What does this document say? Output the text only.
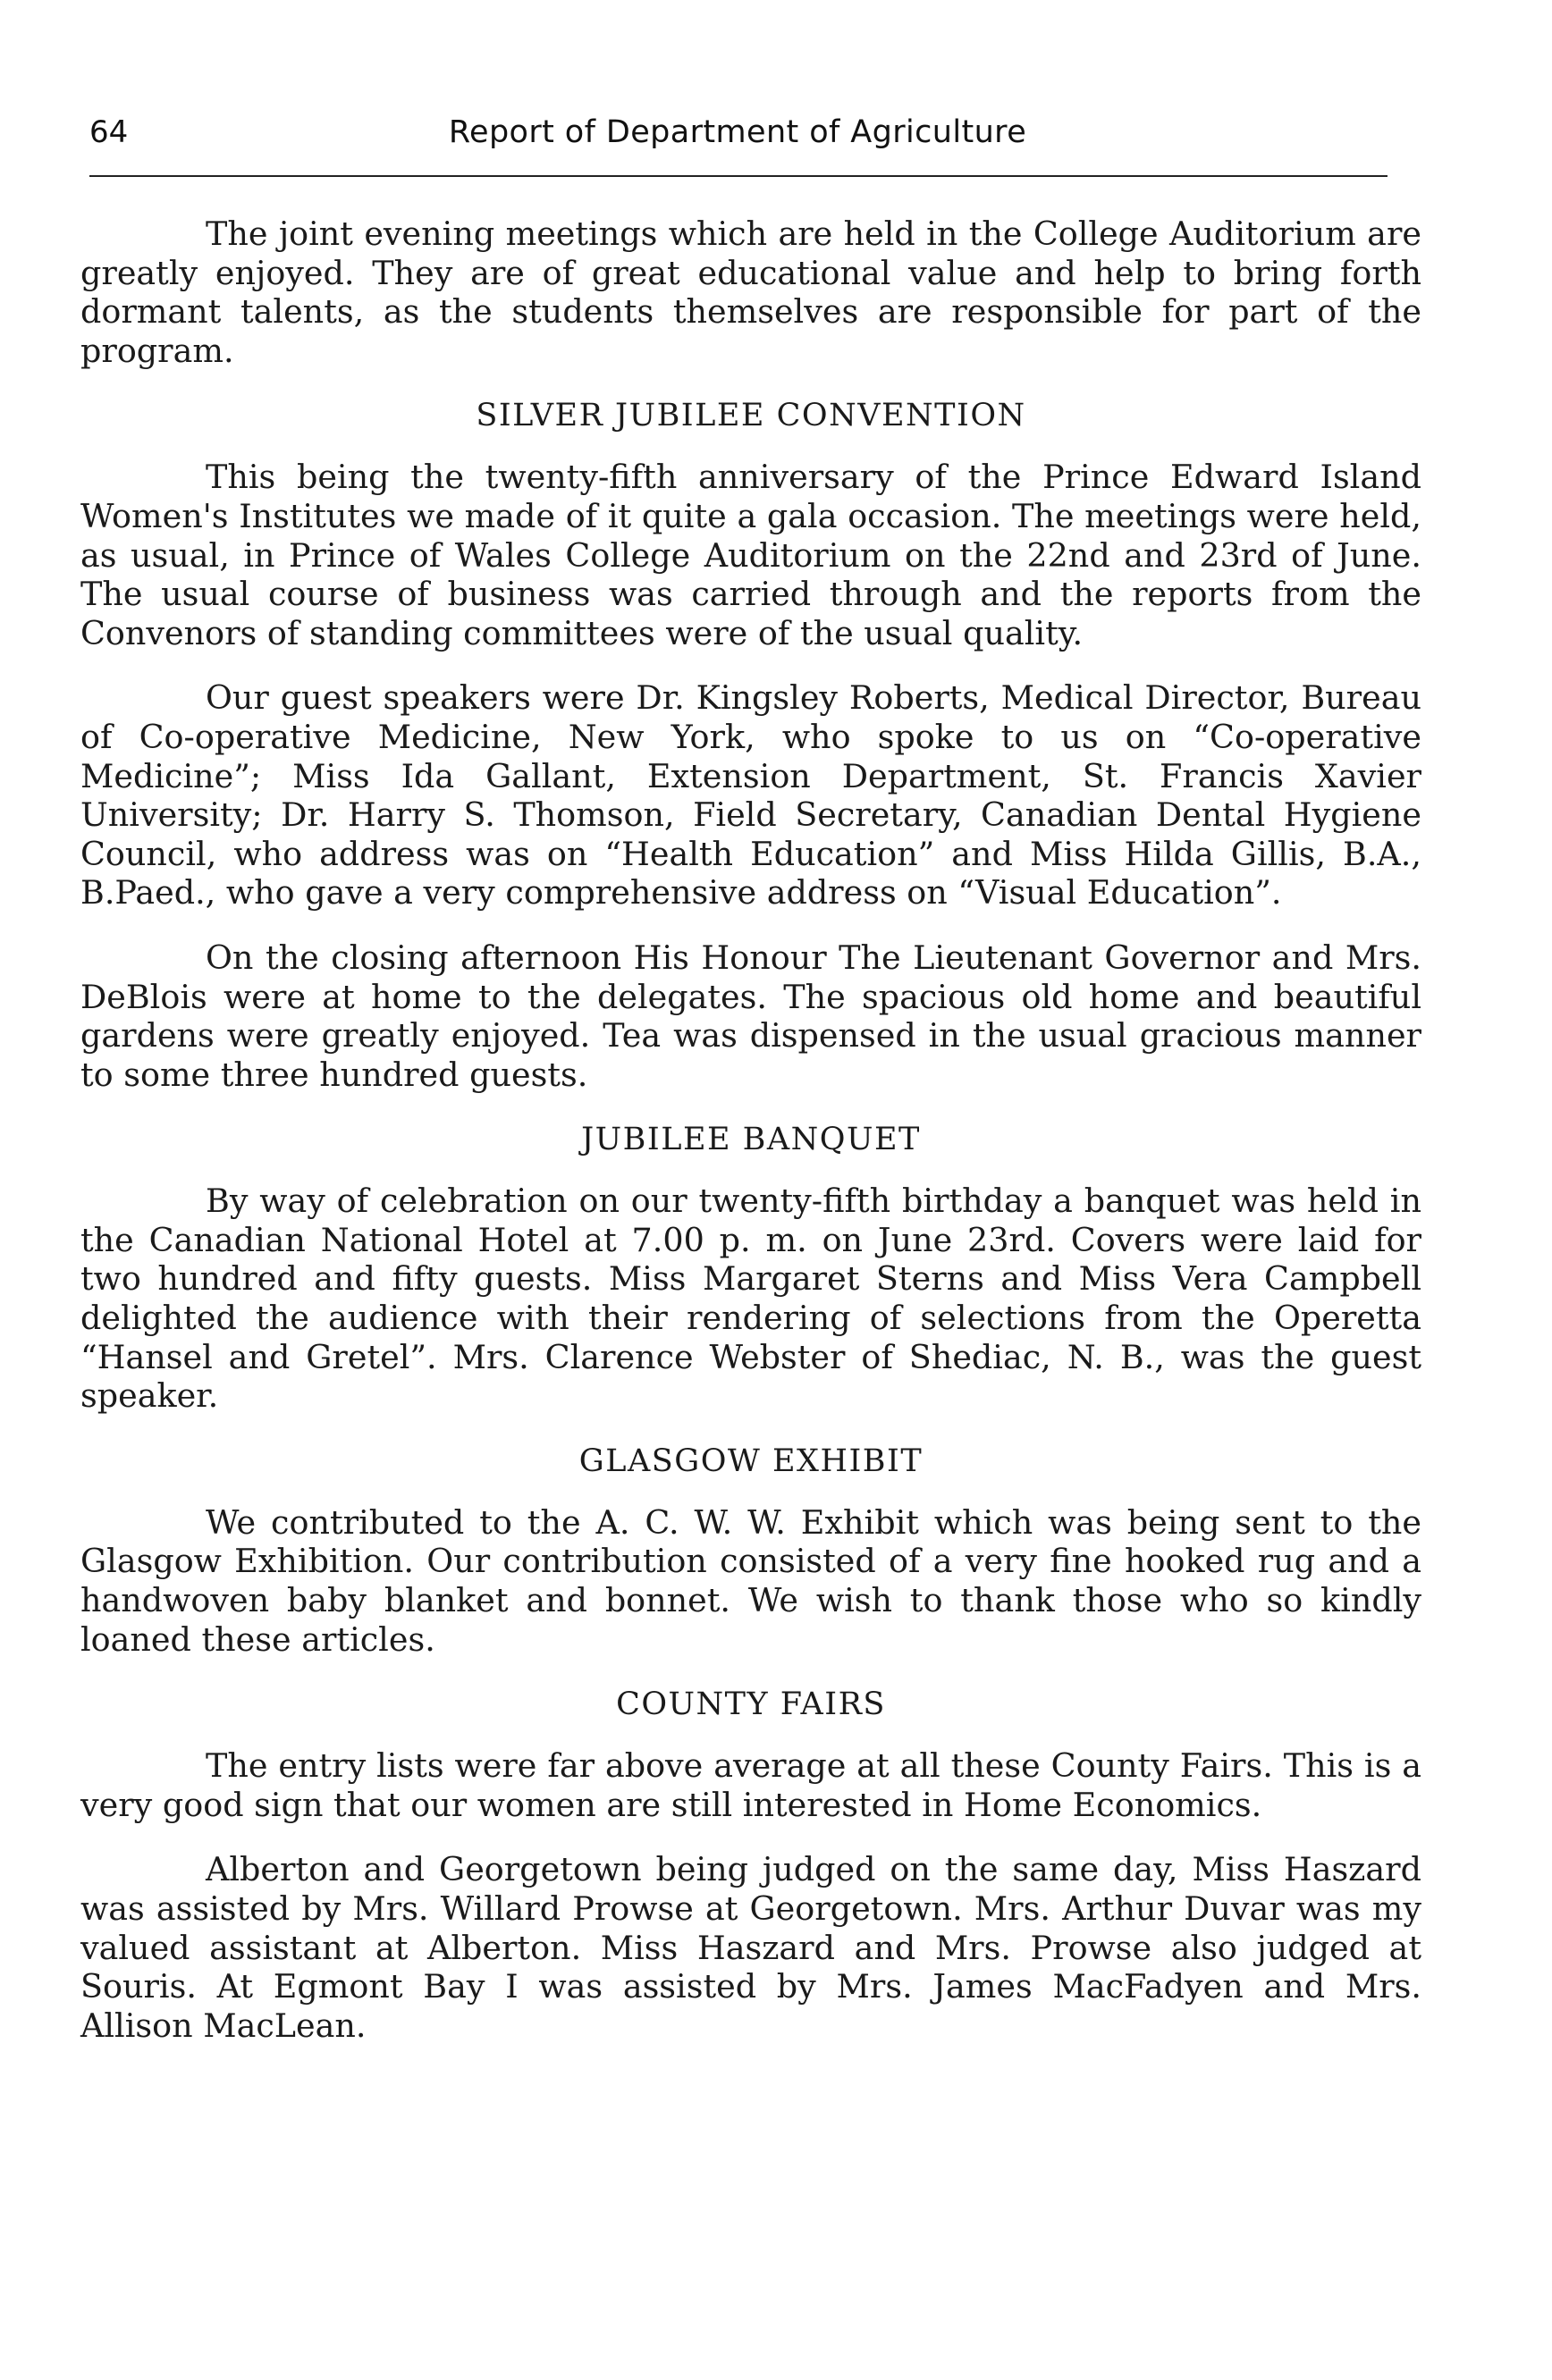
64	Report of Department of Agriculture

The joint evening meetings which are held in the College Auditorium are greatly enjoyed. They are of great educational value and help to bring forth dormant talents, as the students themselves are responsible for part of the program.

SILVER JUBILEE CONVENTION

This being the twenty-fifth anniversary of the Prince Edward Island Women's Institutes we made of it quite a gala occasion. The meetings were held, as usual, in Prince of Wales College Auditorium on the 22nd and 23rd of June. The usual course of business was carried through and the reports from the Convenors of standing committees were of the usual quality.

Our guest speakers were Dr. Kingsley Roberts, Medical Director, Bureau of Co-operative Medicine, New York, who spoke to us on “Co-operative Medicine”; Miss Ida Gallant, Extension Department, St. Francis Xavier University; Dr. Harry S. Thomson, Field Secretary, Canadian Dental Hygiene Council, who address was on “Health Education” and Miss Hilda Gillis, B.A., B.Paed., who gave a very comprehensive address on “Visual Education”.

On the closing afternoon His Honour The Lieutenant Governor and Mrs. DeBlois were at home to the delegates. The spacious old home and beautiful gardens were greatly enjoyed. Tea was dispensed in the usual gracious manner to some three hundred guests.

JUBILEE BANQUET

By way of celebration on our twenty-fifth birthday a banquet was held in the Canadian National Hotel at 7.00 p. m. on June 23rd. Covers were laid for two hundred and fifty guests. Miss Margaret Sterns and Miss Vera Campbell delighted the audience with their rendering of selections from the Operetta “Hansel and Gretel”. Mrs. Clarence Webster of Shediac, N. B., was the guest speaker.

GLASGOW EXHIBIT

We contributed to the A. C. W. W. Exhibit which was being sent to the Glasgow Exhibition. Our contribution consisted of a very fine hooked rug and a handwoven baby blanket and bonnet. We wish to thank those who so kindly loaned these articles.

COUNTY FAIRS

The entry lists were far above average at all these County Fairs. This is a very good sign that our women are still interested in Home Economics.

Alberton and Georgetown being judged on the same day, Miss Haszard was assisted by Mrs. Willard Prowse at Georgetown. Mrs. Arthur Duvar was my valued assistant at Alberton. Miss Haszard and Mrs. Prowse also judged at Souris. At Egmont Bay I was assisted by Mrs. James MacFadyen and Mrs. Allison MacLean.
